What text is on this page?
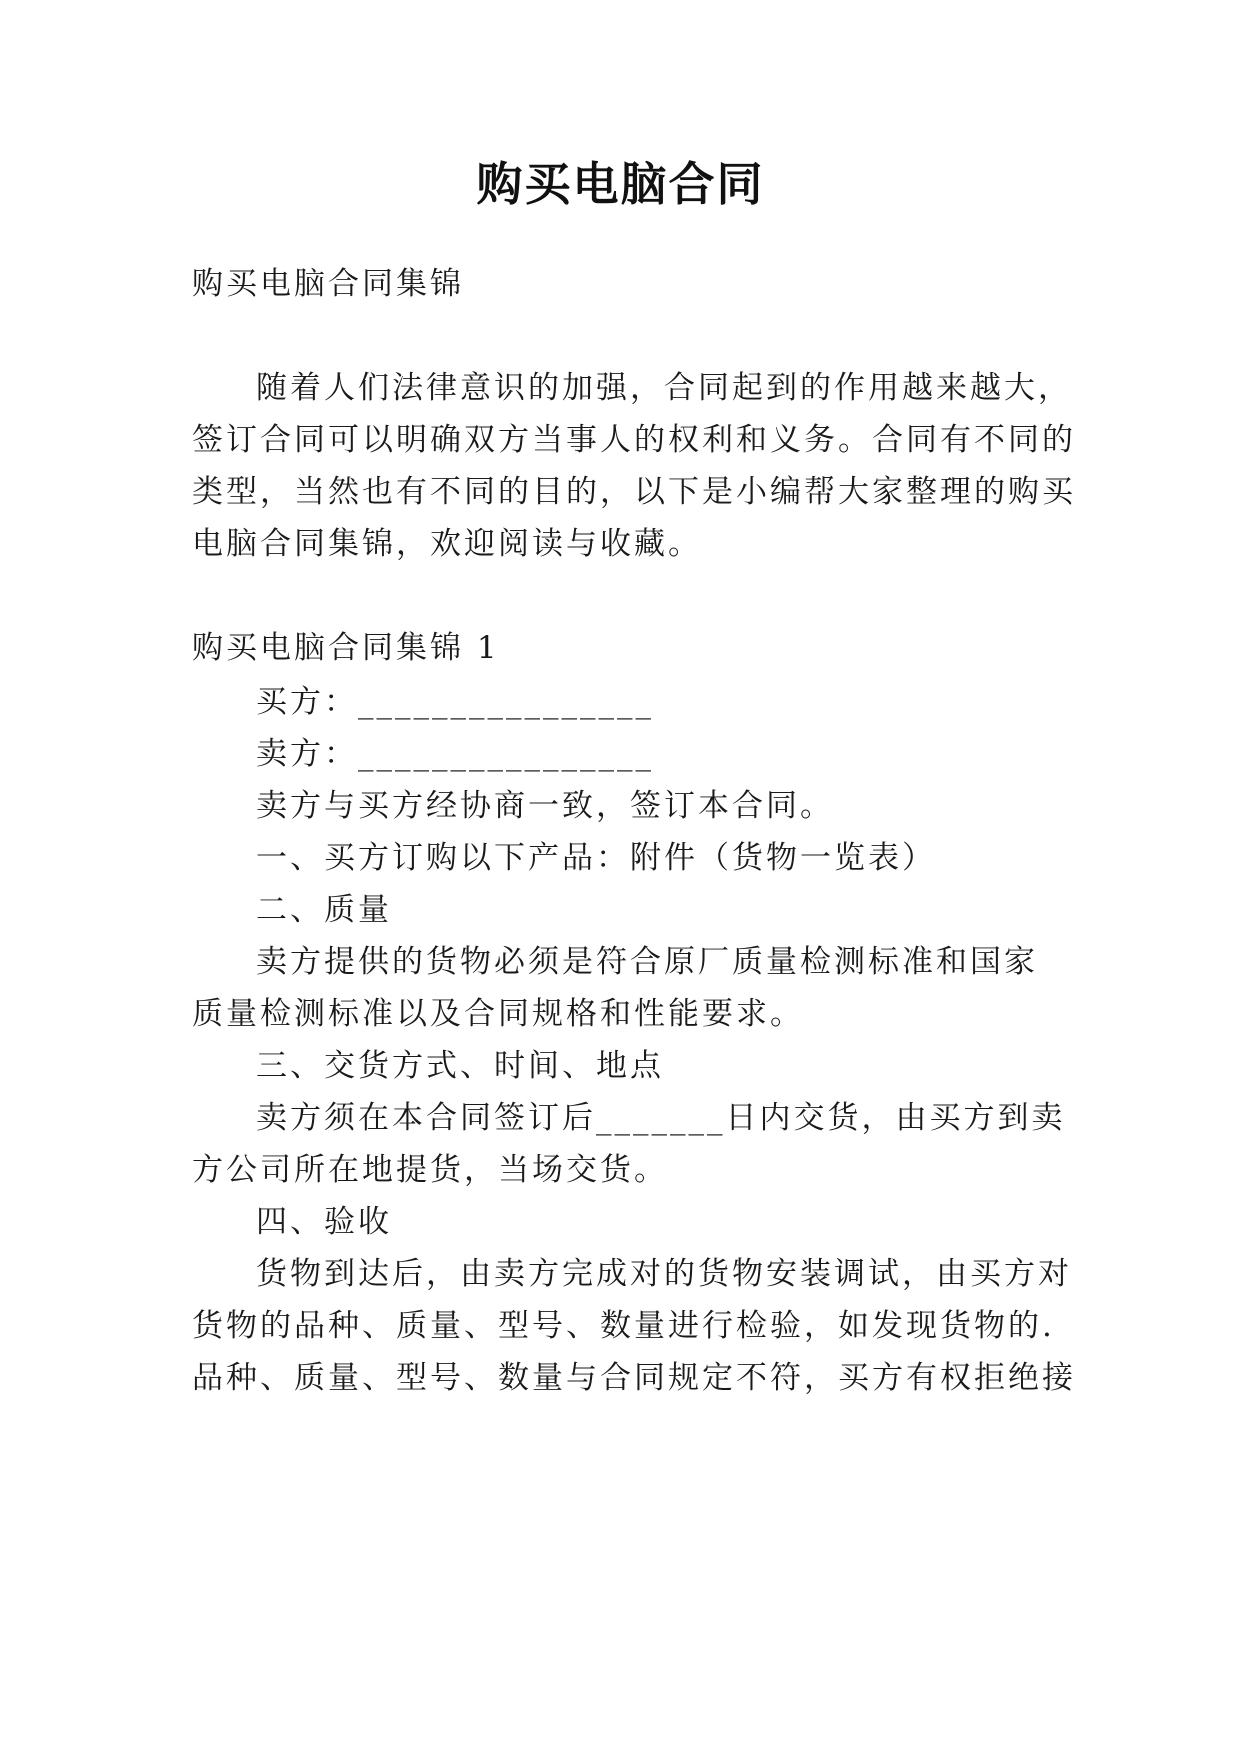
购买电脑合同
购买电脑合同集锦
随着人们法律意识的加强，合同起到的作用越来越大，
签订合同可以明确双方当事人的权利和义务。合同有不同的
类型，当然也有不同的目的，以下是小编帮大家整理的购买
电脑合同集锦，欢迎阅读与收藏。
购买电脑合同集锦 1
买方：________________
卖方：________________
卖方与买方经协商一致，签订本合同。
一、买方订购以下产品：附件（货物一览表）
二、质量
卖方提供的货物必须是符合原厂质量检测标准和国家
质量检测标准以及合同规格和性能要求。
三、交货方式、时间、地点
卖方须在本合同签订后_______日内交货，由买方到卖
方公司所在地提货，当场交货。
四、验收
货物到达后，由卖方完成对的货物安装调试，由买方对
货物的品种、质量、型号、数量进行检验，如发现货物的.
品种、质量、型号、数量与合同规定不符，买方有权拒绝接
